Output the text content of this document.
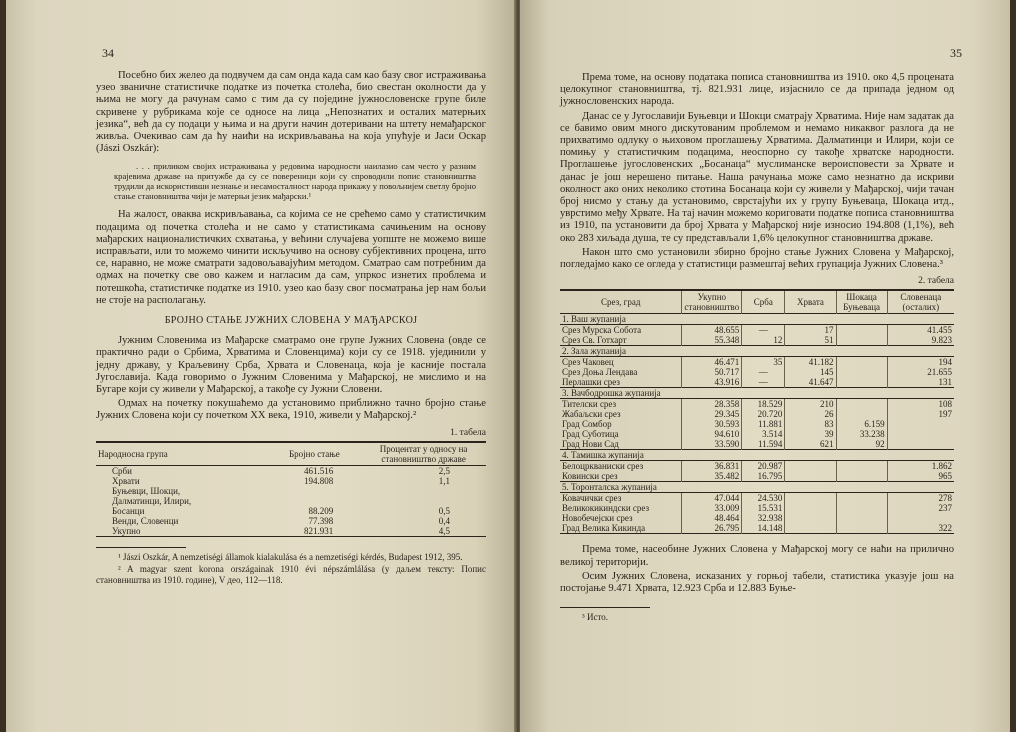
34

Посебно бих желео да подвучем да сам онда када сам као базу свог истраживања узео званичне статистичке податке из почетка столећа, био свестан околности да у њима не могу да рачунам само с тим да су поједине јужнословенске групе биле скривене у рубрикама које се односе на лица „Непознатих и осталих матерњих језика“, већ да су подаци у њима и на други начин дотеривани на штету немађарског живља. Очекивао сам да ћу наићи на искривљавања на која упућује и Јаси Оскар (Jászi Oszkár):

. . . приликом својих истраживања у редовима народности наилазио сам често у разним крајевима државе на притужбе да су се повереници који су спроводили попис становништва трудили да искористивши незнање и несамосталност народа прикажу у повољнијем светлу бројно стање становништва чији је матерњи језик мађарски.¹

На жалост, оваква искривљавања, са којима се не срећемо само у статистичким подацима од почетка столећа и не само у статистикама сачињеним на основу мађарских националистичких схватања, у већини случајева уопште не можемо више исправљати, или то можемо чинити искључиво на основу субјективних процена, што се, наравно, не може сматрати задовољавајућим методом. Сматрао сам потребним да одмах на почетку све ово кажем и нагласим да сам, упркос изнетих проблема и потешкоћа, статистичке податке из 1910. узео као базу свог посматрања јер нам бољи не стоје на располагању.

БРОЈНО СТАЊЕ ЈУЖНИХ СЛОВЕНА У МАЂАРСКОЈ

Јужним Словенима из Мађарске сматрамо оне групе Јужних Словена (овде се практично ради о Србима, Хрватима и Словенцима) који су се 1918. ујединили у једну државу, у Краљевину Срба, Хрвата и Словенаца, која је касније постала Југославија. Када говоримо о Јужним Словенима у Мађарској, не мислимо и на Бугаре који су живели у Мађарској, а такође су Јужни Словени.

Одмах на почетку покушаћемо да установимо приближно тачно бројно стање Јужних Словена који су почетком XX века, 1910, живели у Мађарској.²

1. табела
Народносна група	Бројно стање	Процентат у односу на становништво државе
Срби	461.516	2,5
Хрвати	194.808	1,1
Буњевци, Шокци,		
Далматинци, Илири,		
Босанци	88.209	0,5
Венди, Словенци	77.398	0,4
Укупно	821.931	4,5

¹ Jászi Oszkár, A nemzetiségi államok kialakulása és a nemzetiségi kérdés, Budapest 1912, 395.

² A magyar szent korona országainak 1910 évi népszámlálása (у даљем тексту: Попис становништва из 1910. године), V део, 112—118.

35

Према томе, на основу података пописа становништва из 1910. око 4,5 процената целокупног становништва, тј. 821.931 лице, изјаснило се да припада једном од јужнословенских народа.

Данас се у Југославији Буњевци и Шокци сматрају Хрватима. Није нам задатак да се бавимо овим много дискутованим проблемом и немамо никаквог разлога да не прихватимо одлуку о њиховом проглашењу Хрватима. Далматинци и Илири, који се помињу у статистичким подацима, неоспорно су такође хрватске народности. Проглашење југословенских „Босанаца“ муслиманске вероисповести за Хрвате и данас је још нерешено питање. Наша рачунања може само незнатно да искриви околност ако оних неколико стотина Босанаца који су живели у Мађарској, чији тачан број нисмо у стању да установимо, сврстајући их у групу Буњеваца, Шокаца итд., уврстимо међу Хрвате. На тај начин можемо кориговати податке пописа становништва из 1910, па установити да број Хрвата у Мађарској није износио 194.808 (1,1%), већ око 283 хиљада душа, те су представљали 1,6% целокупног становништва државе.

Након што смо установили збирно бројно стање Јужних Словена у Мађарској, погледајмо како се огледа у статистици размештај већих групација Јужних Словена.³

2. табела
Срез, град	Укупно становништво	Срба	Хрвата	Шокаца Буњеваца	Словенаца (осталих)
1. Ваш жупанија					
Срез Мурска Собота	48.655	—	17		41.455
Срез Св. Готхарт	55.348	12	51		9.823
2. Зала жупанија					
Срез Чаковец	46.471	35	41.182		194
Срез Доња Лендава	50.717	—	145		21.655
Перлашки срез	43.916	—	41.647		131
3. Вачбодрошка жупанија					
Тителски срез	28.358	18.529	210		108
Жабаљски срез	29.345	20.720	26		197
Град Сомбор	30.593	11.881	83	6.159	
Град Суботица	94.610	3.514	39	33.238	
Град Нови Сад	33.590	11.594	621	92	
4. Тамишка жупанија					
Белоцркваниски срез	36.831	20.987			1.862
Ковински срез	35.482	16.795			965
5. Торонталска жупанија					
Ковачички срез	47.044	24.530			278
Великокикиндски срез	33.009	15.531			237
Новобечејски срез	48.464	32.938			
Град Велика Кикинда	26.795	14.148			322

Према томе, насеобине Јужних Словена у Мађарској могу се наћи на прилично великој територији.

Осим Јужних Словена, исказаних у горњој табели, статистика указује још на постојање 9.471 Хрвата, 12.923 Срба и 12.883 Буње-

³ Исто.
